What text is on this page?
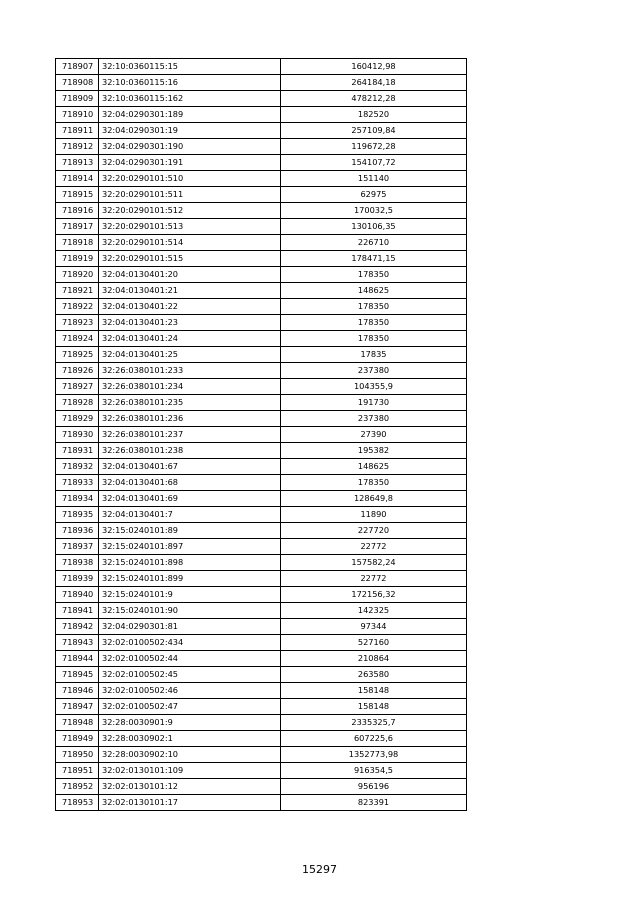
718907	32:10:0360115:15	160412,98
718908	32:10:0360115:16	264184,18
718909	32:10:0360115:162	478212,28
718910	32:04:0290301:189	182520
718911	32:04:0290301:19	257109,84
718912	32:04:0290301:190	119672,28
718913	32:04:0290301:191	154107,72
718914	32:20:0290101:510	151140
718915	32:20:0290101:511	62975
718916	32:20:0290101:512	170032,5
718917	32:20:0290101:513	130106,35
718918	32:20:0290101:514	226710
718919	32:20:0290101:515	178471,15
718920	32:04:0130401:20	178350
718921	32:04:0130401:21	148625
718922	32:04:0130401:22	178350
718923	32:04:0130401:23	178350
718924	32:04:0130401:24	178350
718925	32:04:0130401:25	17835
718926	32:26:0380101:233	237380
718927	32:26:0380101:234	104355,9
718928	32:26:0380101:235	191730
718929	32:26:0380101:236	237380
718930	32:26:0380101:237	27390
718931	32:26:0380101:238	195382
718932	32:04:0130401:67	148625
718933	32:04:0130401:68	178350
718934	32:04:0130401:69	128649,8
718935	32:04:0130401:7	11890
718936	32:15:0240101:89	227720
718937	32:15:0240101:897	22772
718938	32:15:0240101:898	157582,24
718939	32:15:0240101:899	22772
718940	32:15:0240101:9	172156,32
718941	32:15:0240101:90	142325
718942	32:04:0290301:81	97344
718943	32:02:0100502:434	527160
718944	32:02:0100502:44	210864
718945	32:02:0100502:45	263580
718946	32:02:0100502:46	158148
718947	32:02:0100502:47	158148
718948	32:28:0030901:9	2335325,7
718949	32:28:0030902:1	607225,6
718950	32:28:0030902:10	1352773,98
718951	32:02:0130101:109	916354,5
718952	32:02:0130101:12	956196
718953	32:02:0130101:17	823391
15297
